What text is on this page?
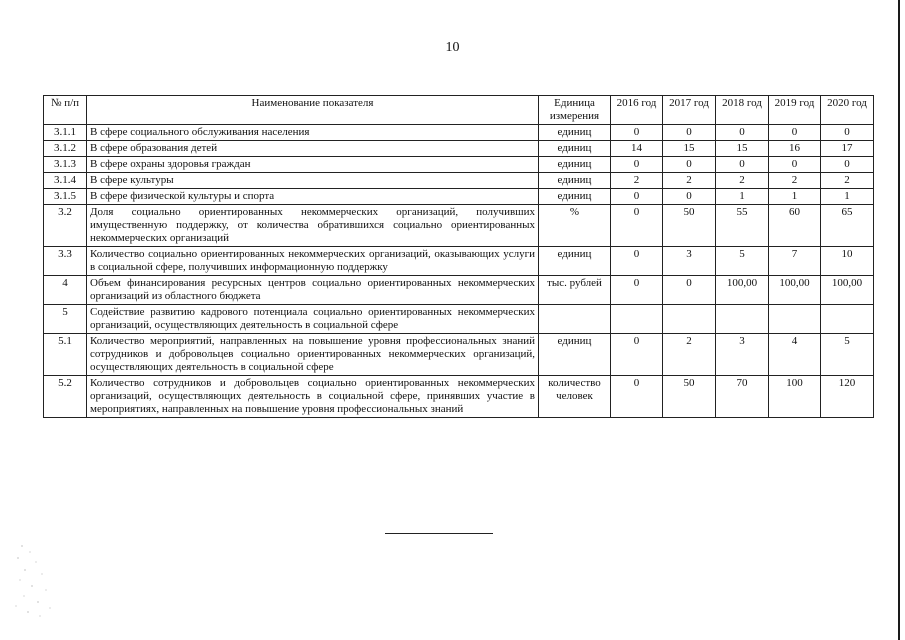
10
№ п/п	Наименование показателя	Единица измерения	2016 год	2017 год	2018 год	2019 год	2020 год
3.1.1	В сфере социального обслуживания населения	единиц	0	0	0	0	0
3.1.2	В сфере образования детей	единиц	14	15	15	16	17
3.1.3	В сфере охраны здоровья граждан	единиц	0	0	0	0	0
3.1.4	В сфере культуры	единиц	2	2	2	2	2
3.1.5	В сфере физической культуры и спорта	единиц	0	0	1	1	1
3.2	Доля социально ориентированных некоммерческих организаций, получивших имущественную поддержку, от количества обратившихся социально ориентированных некоммерческих организаций	%	0	50	55	60	65
3.3	Количество социально ориентированных некоммерческих организаций, оказывающих услуги в социальной сфере, получивших информационную поддержку	единиц	0	3	5	7	10
4	Объем финансирования ресурсных центров социально ориентированных некоммерческих организаций из областного бюджета	тыс. рублей	0	0	100,00	100,00	100,00
5	Содействие развитию кадрового потенциала социально ориентированных некоммерческих организаций, осуществляющих деятельность в социальной сфере						
5.1	Количество мероприятий, направленных на повышение уровня профессиональных знаний сотрудников и добровольцев социально ориентированных некоммерческих организаций, осуществляющих деятельность в социальной сфере	единиц	0	2	3	4	5
5.2	Количество сотрудников и добровольцев социально ориентированных некоммерческих организаций, осуществляющих деятельность в социальной сфере, принявших участие в мероприятиях, направленных на повышение уровня профессиональных знаний	количество человек	0	50	70	100	120
